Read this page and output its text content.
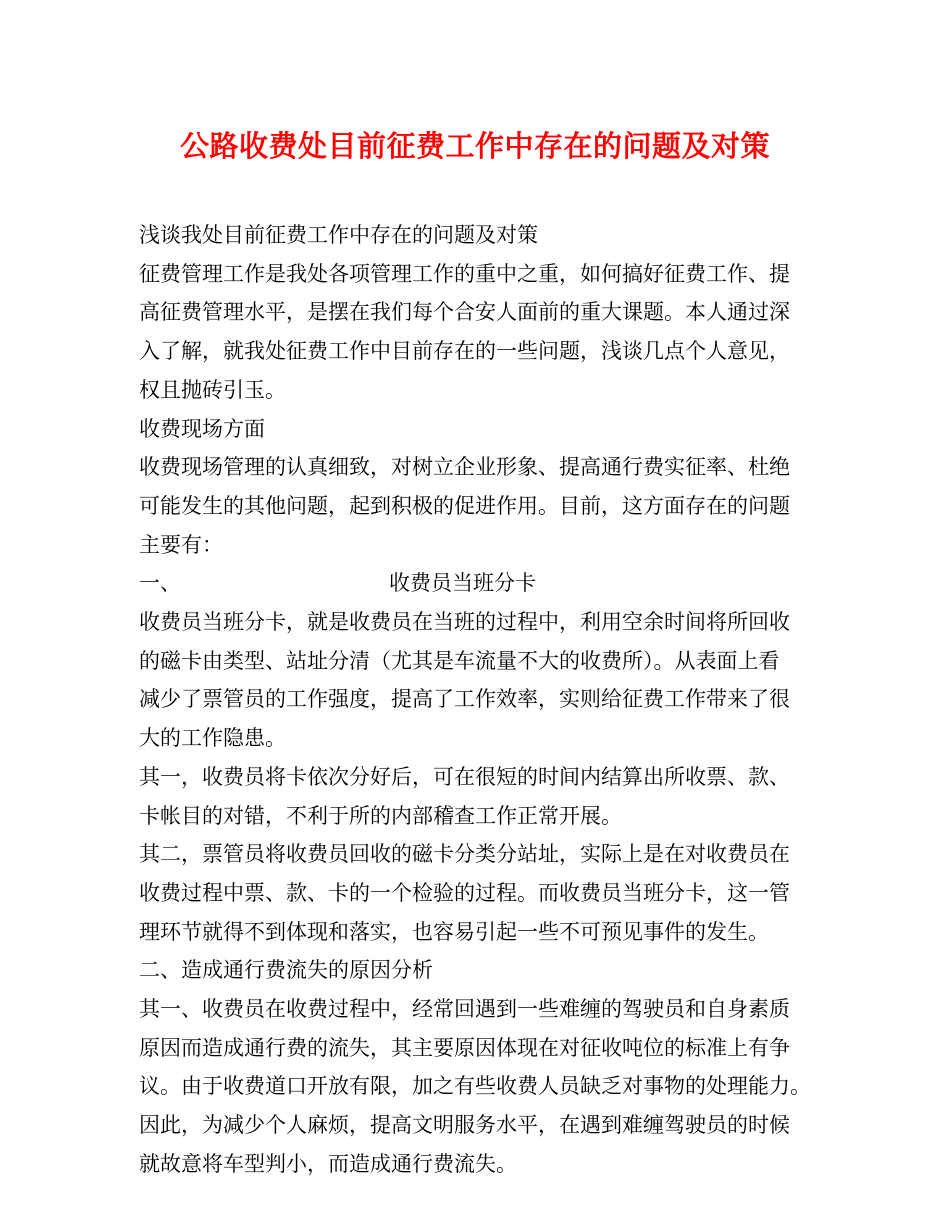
公路收费处目前征费工作中存在的问题及对策

浅谈我处目前征费工作中存在的问题及对策

征费管理工作是我处各项管理工作的重中之重，如何搞好征费工作、提
高征费管理水平，是摆在我们每个合安人面前的重大课题。本人通过深
入了解，就我处征费工作中目前存在的一些问题，浅谈几点个人意见，
权且抛砖引玉。

收费现场方面

收费现场管理的认真细致，对树立企业形象、提高通行费实征率、杜绝
可能发生的其他问题，起到积极的促进作用。目前，这方面存在的问题
主要有：

一、	收费员当班分卡

收费员当班分卡，就是收费员在当班的过程中，利用空余时间将所回收
的磁卡由类型、站址分清（尤其是车流量不大的收费所）。从表面上看
减少了票管员的工作强度，提高了工作效率，实则给征费工作带来了很
大的工作隐患。

其一，收费员将卡依次分好后，可在很短的时间内结算出所收票、款、
卡帐目的对错，不利于所的内部稽查工作正常开展。

其二，票管员将收费员回收的磁卡分类分站址，实际上是在对收费员在
收费过程中票、款、卡的一个检验的过程。而收费员当班分卡，这一管
理环节就得不到体现和落实，也容易引起一些不可预见事件的发生。

二、造成通行费流失的原因分析

其一、收费员在收费过程中，经常回遇到一些难缠的驾驶员和自身素质
原因而造成通行费的流失，其主要原因体现在对征收吨位的标准上有争
议。由于收费道口开放有限，加之有些收费人员缺乏对事物的处理能力。
因此，为减少个人麻烦，提高文明服务水平，在遇到难缠驾驶员的时候
就故意将车型判小，而造成通行费流失。
